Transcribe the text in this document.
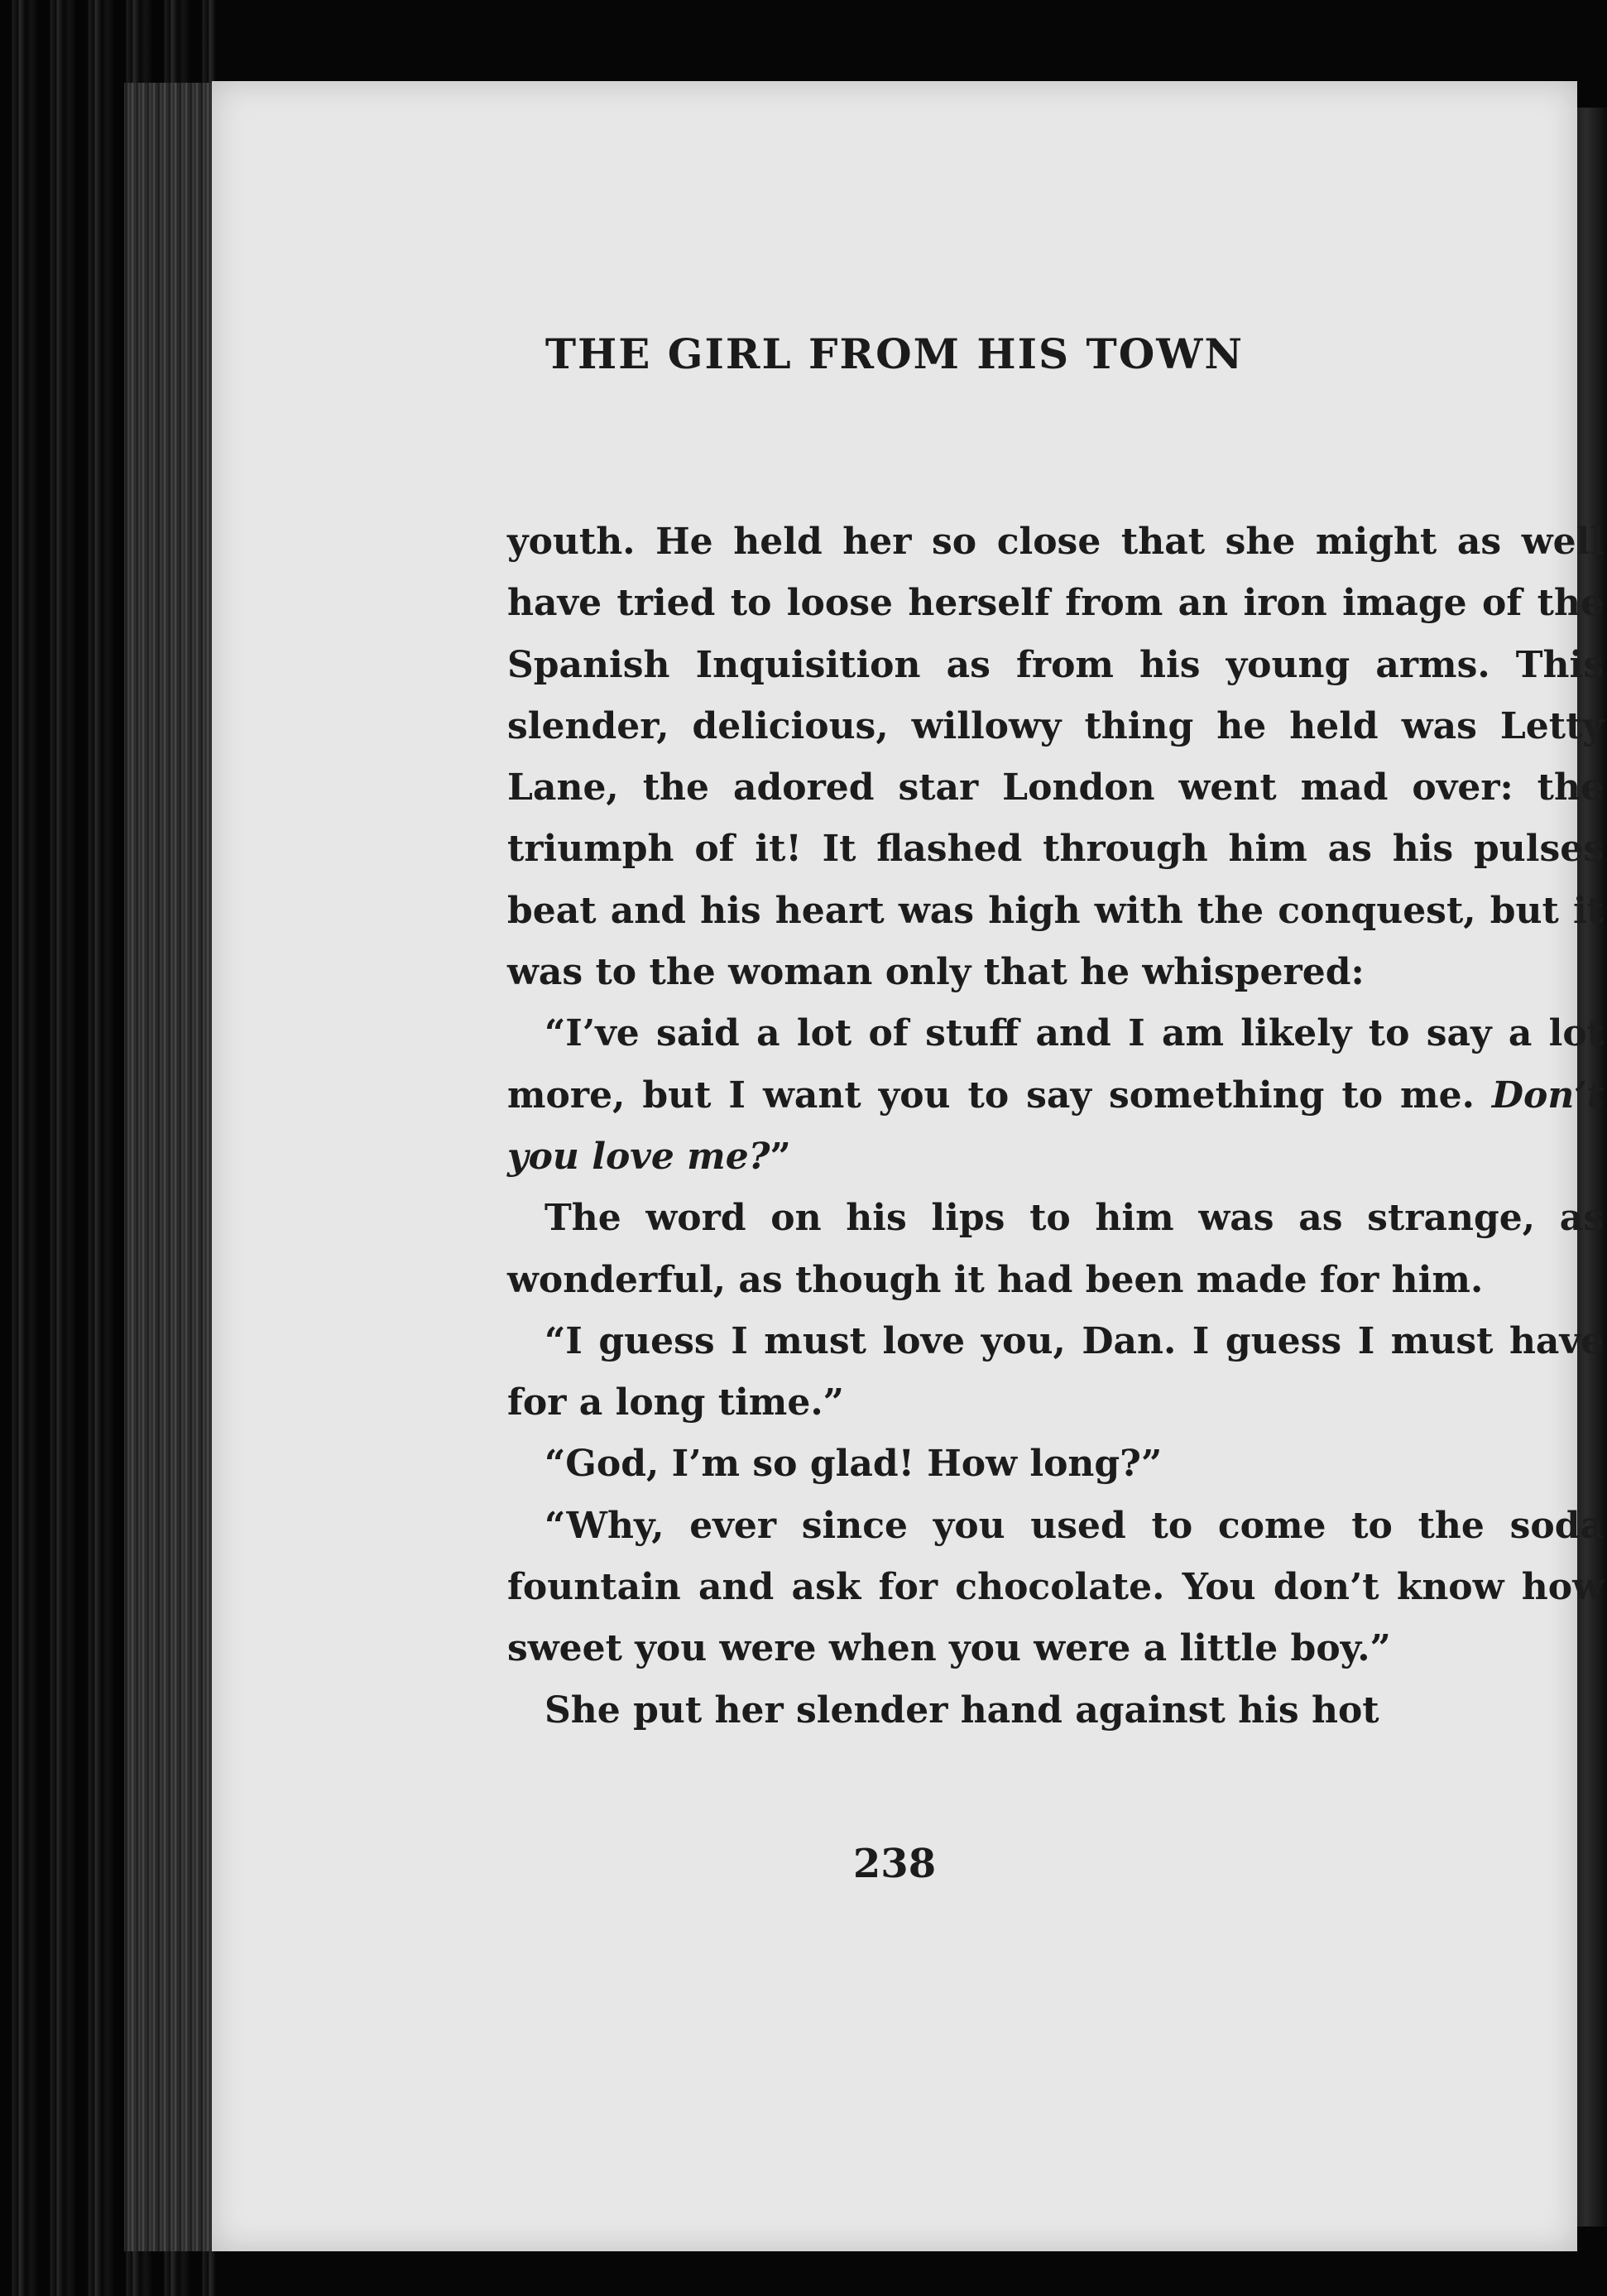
THE GIRL FROM HIS TOWN

youth. He held her so close that she might as well have tried to loose herself from an iron image of the Spanish Inquisition as from his young arms. This slender, delicious, willowy thing he held was Letty Lane, the adored star London went mad over: the triumph of it! It flashed through him as his pulses beat and his heart was high with the conquest, but it was to the woman only that he whispered:

“I’ve said a lot of stuff and I am likely to say a lot more, but I want you to say something to me. Don’t you love me?”

The word on his lips to him was as strange, as wonderful, as though it had been made for him.

“I guess I must love you, Dan. I guess I must have for a long time.”

“God, I’m so glad! How long?”

“Why, ever since you used to come to the soda fountain and ask for chocolate. You don’t know how sweet you were when you were a little boy.”

She put her slender hand against his hot

238
